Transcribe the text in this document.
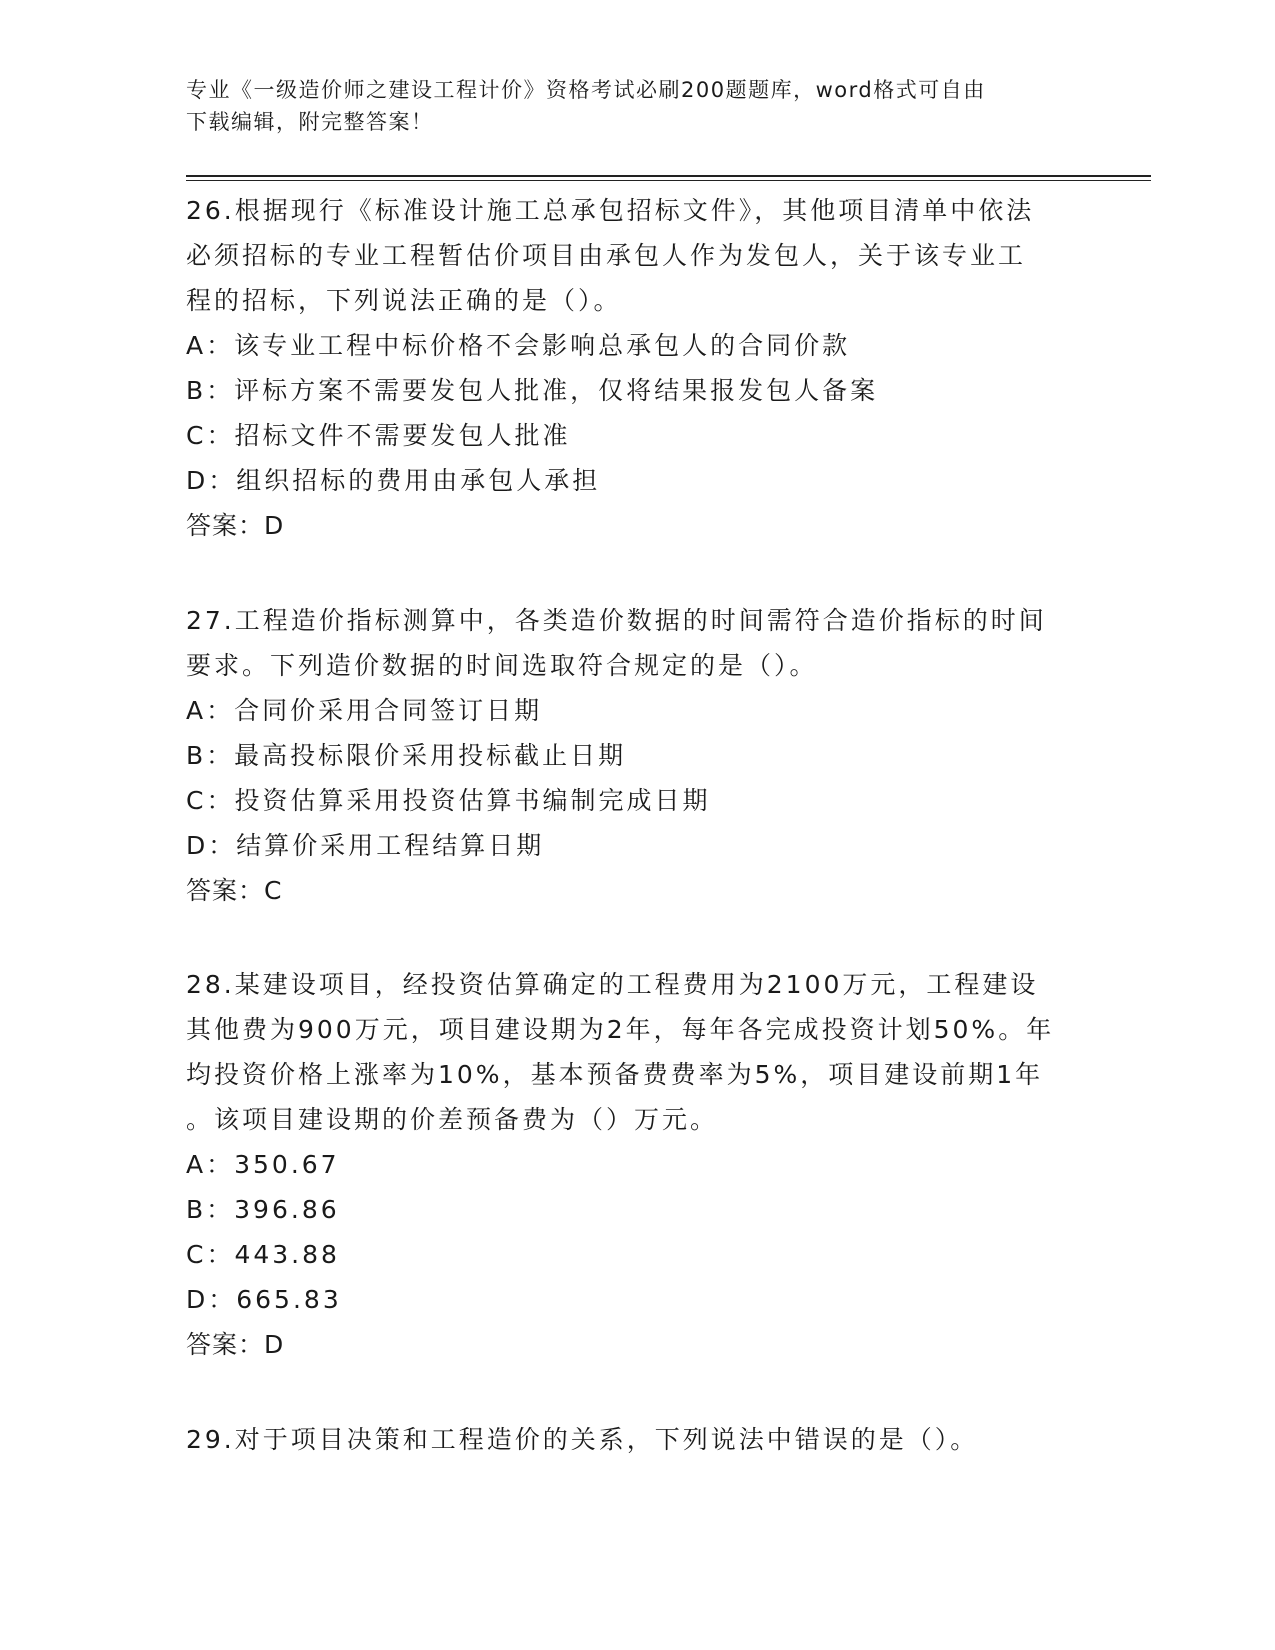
专业《一级造价师之建设工程计价》资格考试必刷200题题库，word格式可自由
下载编辑，附完整答案！
26.根据现行《标准设计施工总承包招标文件》，其他项目清单中依法
必须招标的专业工程暂估价项目由承包人作为发包人，关于该专业工
程的招标，下列说法正确的是（）。
A：该专业工程中标价格不会影响总承包人的合同价款
B：评标方案不需要发包人批准，仅将结果报发包人备案
C：招标文件不需要发包人批准
D：组织招标的费用由承包人承担
答案：D
27.工程造价指标测算中，各类造价数据的时间需符合造价指标的时间
要求。下列造价数据的时间选取符合规定的是（）。
A：合同价采用合同签订日期
B：最高投标限价采用投标截止日期
C：投资估算采用投资估算书编制完成日期
D：结算价采用工程结算日期
答案：C
28.某建设项目，经投资估算确定的工程费用为2100万元，工程建设
其他费为900万元，项目建设期为2年，每年各完成投资计划50%。年
均投资价格上涨率为10%，基本预备费费率为5%，项目建设前期1年
。该项目建设期的价差预备费为（）万元。
A：350.67
B：396.86
C：443.88
D：665.83
答案：D
29.对于项目决策和工程造价的关系，下列说法中错误的是（）。
